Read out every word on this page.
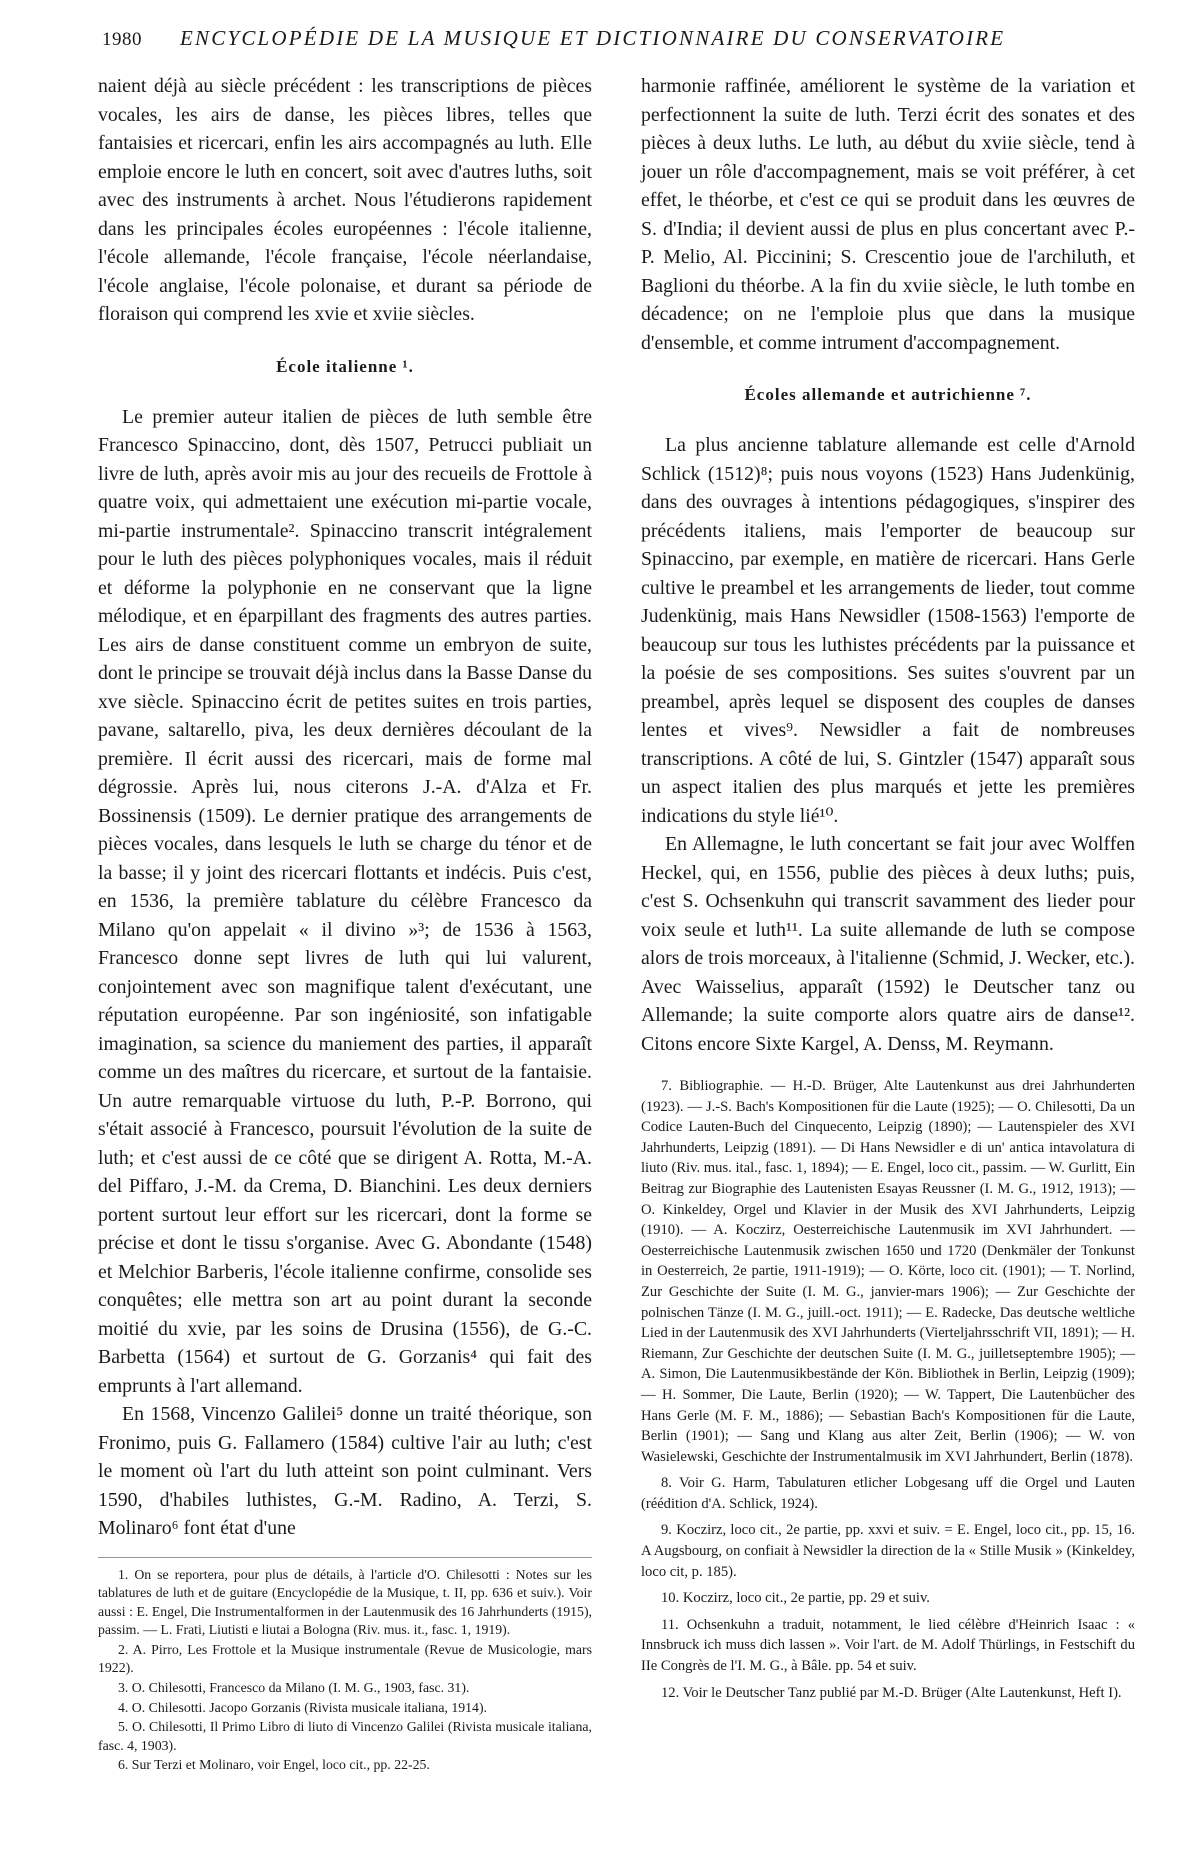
1980 ENCYCLOPÉDIE DE LA MUSIQUE ET DICTIONNAIRE DU CONSERVATOIRE

naient déjà au siècle précédent : les transcriptions de pièces vocales, les airs de danse, les pièces libres, telles que fantaisies et ricercari, enfin les airs accompagnés au luth. Elle emploie encore le luth en concert, soit avec d'autres luths, soit avec des instruments à archet. Nous l'étudierons rapidement dans les principales écoles européennes : l'école italienne, l'école allemande, l'école française, l'école néerlandaise, l'école anglaise, l'école polonaise, et durant sa période de floraison qui comprend les xvie et xviie siècles.

École italienne ¹.

Le premier auteur italien de pièces de luth semble être Francesco Spinaccino, dont, dès 1507, Petrucci publiait un livre de luth, après avoir mis au jour des recueils de Frottole à quatre voix, qui admettaient une exécution mi-partie vocale, mi-partie instrumentale². Spinaccino transcrit intégralement pour le luth des pièces polyphoniques vocales, mais il réduit et déforme la polyphonie en ne conservant que la ligne mélodique, et en éparpillant des fragments des autres parties. Les airs de danse constituent comme un embryon de suite, dont le principe se trouvait déjà inclus dans la Basse Danse du xve siècle. Spinaccino écrit de petites suites en trois parties, pavane, saltarello, piva, les deux dernières découlant de la première. Il écrit aussi des ricercari, mais de forme mal dégrossie. Après lui, nous citerons J.-A. d'Alza et Fr. Bossinensis (1509). Le dernier pratique des arrangements de pièces vocales, dans lesquels le luth se charge du ténor et de la basse; il y joint des ricercari flottants et indécis. Puis c'est, en 1536, la première tablature du célèbre Francesco da Milano qu'on appelait « il divino »³; de 1536 à 1563, Francesco donne sept livres de luth qui lui valurent, conjointement avec son magnifique talent d'exécutant, une réputation européenne. Par son ingéniosité, son infatigable imagination, sa science du maniement des parties, il apparaît comme un des maîtres du ricercare, et surtout de la fantaisie. Un autre remarquable virtuose du luth, P.-P. Borrono, qui s'était associé à Francesco, poursuit l'évolution de la suite de luth; et c'est aussi de ce côté que se dirigent A. Rotta, M.-A. del Piffaro, J.-M. da Crema, D. Bianchini. Les deux derniers portent surtout leur effort sur les ricercari, dont la forme se précise et dont le tissu s'organise. Avec G. Abondante (1548) et Melchior Barberis, l'école italienne confirme, consolide ses conquêtes; elle mettra son art au point durant la seconde moitié du xvie, par les soins de Drusina (1556), de G.-C. Barbetta (1564) et surtout de G. Gorzanis⁴ qui fait des emprunts à l'art allemand.

En 1568, Vincenzo Galilei⁵ donne un traité théorique, son Fronimo, puis G. Fallamero (1584) cultive l'air au luth; c'est le moment où l'art du luth atteint son point culminant. Vers 1590, d'habiles luthistes, G.-M. Radino, A. Terzi, S. Molinaro⁶ font état d'une

1. On se reportera, pour plus de détails, à l'article d'O. Chilesotti : Notes sur les tablatures de luth et de guitare (Encyclopédie de la Musique, t. II, pp. 636 et suiv.). Voir aussi : E. Engel, Die Instrumentalformen in der Lautenmusik des 16 Jahrhunderts (1915), passim. — L. Frati, Liutisti e liutai a Bologna (Riv. mus. it., fasc. 1, 1919).

2. A. Pirro, Les Frottole et la Musique instrumentale (Revue de Musicologie, mars 1922).

3. O. Chilesotti, Francesco da Milano (I. M. G., 1903, fasc. 31).

4. O. Chilesotti. Jacopo Gorzanis (Rivista musicale italiana, 1914).

5. O. Chilesotti, Il Primo Libro di liuto di Vincenzo Galilei (Rivista musicale italiana, fasc. 4, 1903).

6. Sur Terzi et Molinaro, voir Engel, loco cit., pp. 22-25.

harmonie raffinée, améliorent le système de la variation et perfectionnent la suite de luth. Terzi écrit des sonates et des pièces à deux luths. Le luth, au début du xviie siècle, tend à jouer un rôle d'accompagnement, mais se voit préférer, à cet effet, le théorbe, et c'est ce qui se produit dans les œuvres de S. d'India; il devient aussi de plus en plus concertant avec P.-P. Melio, Al. Piccinini; S. Crescentio joue de l'archiluth, et Baglioni du théorbe. A la fin du xviie siècle, le luth tombe en décadence; on ne l'emploie plus que dans la musique d'ensemble, et comme intrument d'accompagnement.

Écoles allemande et autrichienne ⁷.

La plus ancienne tablature allemande est celle d'Arnold Schlick (1512)⁸; puis nous voyons (1523) Hans Judenkünig, dans des ouvrages à intentions pédagogiques, s'inspirer des précédents italiens, mais l'emporter de beaucoup sur Spinaccino, par exemple, en matière de ricercari. Hans Gerle cultive le preambel et les arrangements de lieder, tout comme Judenkünig, mais Hans Newsidler (1508-1563) l'emporte de beaucoup sur tous les luthistes précédents par la puissance et la poésie de ses compositions. Ses suites s'ouvrent par un preambel, après lequel se disposent des couples de danses lentes et vives⁹. Newsidler a fait de nombreuses transcriptions. A côté de lui, S. Gintzler (1547) apparaît sous un aspect italien des plus marqués et jette les premières indications du style lié¹⁰.

En Allemagne, le luth concertant se fait jour avec Wolffen Heckel, qui, en 1556, publie des pièces à deux luths; puis, c'est S. Ochsenkuhn qui transcrit savamment des lieder pour voix seule et luth¹¹. La suite allemande de luth se compose alors de trois morceaux, à l'italienne (Schmid, J. Wecker, etc.). Avec Waisselius, apparaît (1592) le Deutscher tanz ou Allemande; la suite comporte alors quatre airs de danse¹². Citons encore Sixte Kargel, A. Denss, M. Reymann.

7. Bibliographie. — H.-D. Brüger, Alte Lautenkunst aus drei Jahrhunderten (1923). — J.-S. Bach's Kompositionen für die Laute (1925); — O. Chilesotti, Da un Codice Lauten-Buch del Cinquecento, Leipzig (1890); — Lautenspieler des XVI Jahrhunderts, Leipzig (1891). — Di Hans Newsidler e di un' antica intavolatura di liuto (Riv. mus. ital., fasc. 1, 1894); — E. Engel, loco cit., passim. — W. Gurlitt, Ein Beitrag zur Biographie des Lautenisten Esayas Reussner (I. M. G., 1912, 1913); — O. Kinkeldey, Orgel und Klavier in der Musik des XVI Jahrhunderts, Leipzig (1910). — A. Koczirz, Oesterreichische Lautenmusik im XVI Jahrhundert. — Oesterreichische Lautenmusik zwischen 1650 und 1720 (Denkmäler der Tonkunst in Oesterreich, 2e partie, 1911-1919); — O. Körte, loco cit. (1901); — T. Norlind, Zur Geschichte der Suite (I. M. G., janvier-mars 1906); — Zur Geschichte der polnischen Tänze (I. M. G., juill.-oct. 1911); — E. Radecke, Das deutsche weltliche Lied in der Lautenmusik des XVI Jahrhunderts (Vierteljahrsschrift VII, 1891); — H. Riemann, Zur Geschichte der deutschen Suite (I. M. G., juilletseptembre 1905); — A. Simon, Die Lautenmusikbestände der Kön. Bibliothek in Berlin, Leipzig (1909); — H. Sommer, Die Laute, Berlin (1920); — W. Tappert, Die Lautenbücher des Hans Gerle (M. F. M., 1886); — Sebastian Bach's Kompositionen für die Laute, Berlin (1901); — Sang und Klang aus alter Zeit, Berlin (1906); — W. von Wasielewski, Geschichte der Instrumentalmusik im XVI Jahrhundert, Berlin (1878).

8. Voir G. Harm, Tabulaturen etlicher Lobgesang uff die Orgel und Lauten (réédition d'A. Schlick, 1924).

9. Koczirz, loco cit., 2e partie, pp. xxvi et suiv. = E. Engel, loco cit., pp. 15, 16. A Augsbourg, on confiait à Newsidler la direction de la « Stille Musik » (Kinkeldey, loco cit, p. 185).

10. Koczirz, loco cit., 2e partie, pp. 29 et suiv.

11. Ochsenkuhn a traduit, notamment, le lied célèbre d'Heinrich Isaac : « Innsbruck ich muss dich lassen ». Voir l'art. de M. Adolf Thürlings, in Festschift du IIe Congrès de l'I. M. G., à Bâle. pp. 54 et suiv.

12. Voir le Deutscher Tanz publié par M.-D. Brüger (Alte Lautenkunst, Heft I).
